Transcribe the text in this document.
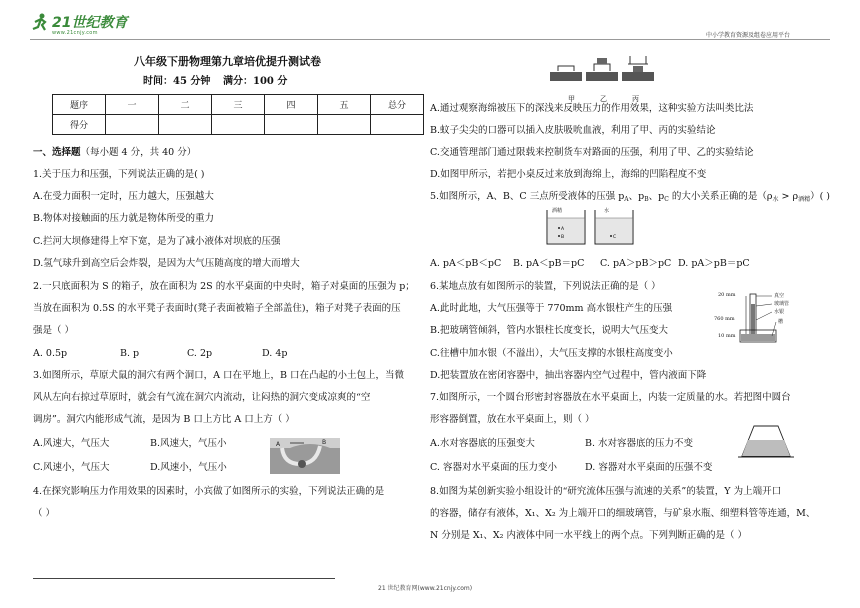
21世纪教育
www.21cnjy.com	中小学教育资源及组卷应用平台
八年级下册物理第九章培优提升测试卷
时间：45 分钟 满分：100 分
题序	一	二	三	四	五	总分
得分						
一、选择题（每小题 4 分，共 40 分）
1.关于压力和压强，下列说法正确的是( )
A.在受力面积一定时，压力越大，压强越大
B.物体对接触面的压力就是物体所受的重力
C.拦河大坝修建得上窄下宽，是为了减小液体对坝底的压强
D.氢气球升到高空后会炸裂，是因为大气压随高度的增大而增大
2.一只底面积为 S 的箱子，放在面积为 2S 的水平桌面的中央时，箱子对桌面的压强为 p；
当放在面积为 0.5S 的水平凳子表面时(凳子表面被箱子全部盖住)，箱子对凳子表面的压
强是（ ）
A. 0.5p	B. p	C. 2p	D. 4p
3.如图所示，草原犬鼠的洞穴有两个洞口，A 口在平地上，B 口在凸起的小土包上，当微
风从左向右掠过草原时，就会有气流在洞穴内流动，让闷热的洞穴变成凉爽的“空
调房”。洞穴内能形成气流，是因为 B 口上方比 A 口上方（ ）
A.风速大，气压大	B.风速大，气压小
C.风速小，气压大	D.风速小，气压小
A	B
4.在探究影响压力作用效果的因素时，小宾做了如图所示的实验，下列说法正确的是
（ ）
甲	乙	丙
A.通过观察海绵被压下的深浅来反映压力的作用效果，这种实验方法叫类比法
B.蚊子尖尖的口器可以插入皮肤吸吮血液，利用了甲、丙的实验结论
C.交通管理部门通过限载来控制货车对路面的压强，利用了甲、乙的实验结论
D.如图甲所示，若把小桌反过来放到海绵上，海绵的凹陷程度不变
5.如图所示，A、B、C 三点所受液体的压强 $p_A$、$p_B$、$p_C$ 的大小关系正确的是$(\rho_水 > \rho_{酒精})$( )
A
B	C
酒精	水
A. pA＜pB＜pC B. pA＜pB＝pC C. pA＞pB＞pC D. pA＞pB＝pC
6.某地点放有如图所示的装置，下列说法正确的是（ ）
A.此时此地，大气压强等于 770mm 高水银柱产生的压强
B.把玻璃管倾斜，管内水银柱长度变长，说明大气压变大
C.往槽中加水银（不溢出），大气压支撑的水银柱高度变小
D.把装置放在密闭容器中，抽出容器内空气过程中，管内液面下降
20 mm
760 mm
10 mm
真空
玻璃管
水银
槽
7.如图所示，一个圆台形密封容器放在水平桌面上，内装一定质量的水。若把图中圆台
形容器倒置，放在水平桌面上，则（ ）
A.水对容器底的压强变大	B. 水对容器底的压力不变
C. 容器对水平桌面的压力变小	D. 容器对水平桌面的压强不变
8.如图为某创新实验小组设计的“研究流体压强与流速的关系”的装置，Y 为上端开口
的容器，储存有液体，X₁、X₂ 为上端开口的细玻璃管，与矿泉水瓶、细塑料管等连通，M、
N 分别是 X₁、X₂ 内液体中同一水平线上的两个点。下列判断正确的是（ ）
21 世纪教育网(www.21cnjy.com)
